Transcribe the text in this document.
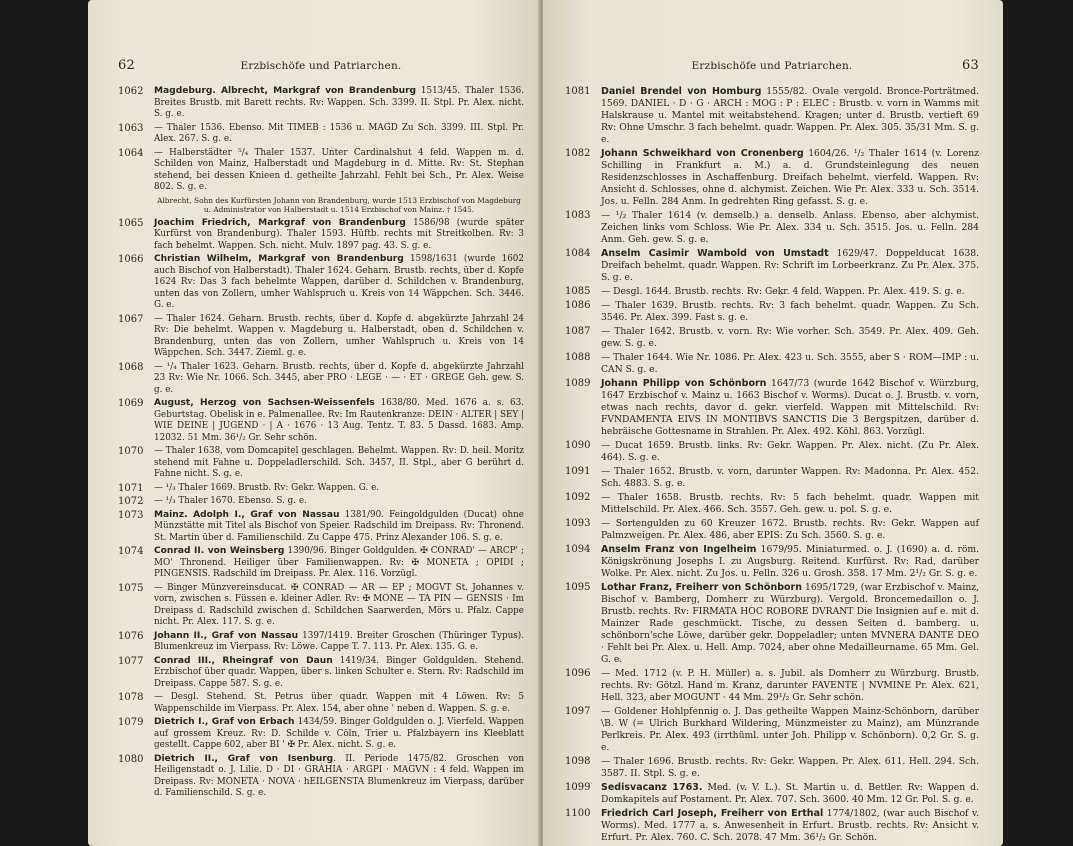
62	Erzbischöfe und Patriarchen.
1062 Magdeburg. Albrecht, Markgraf von Brandenburg 1513/45. Thaler 1536. Breites Brustb. mit Barett rechts. Rv: Wappen. Sch. 3399. II. Stpl. Pr. Alex. nicht. S. g. e.
1063 — Thaler 1536. Ebenso. Mit TIMEB : 1536 u. MAGD Zu Sch. 3399. III. Stpl. Pr. Alex. 267. S. g. e.
1064 — Halberstädter ⁵/₄ Thaler 1537. Unter Cardinalshut 4 feld. Wappen m. d. Schilden von Mainz, Halberstadt und Magdeburg in d. Mitte. Rv: St. Stephan stehend, bei dessen Knieen d. getheilte Jahrzahl. Fehlt bei Sch., Pr. Alex. Weise 802. S. g. e.
Albrecht, Sohn des Kurfürsten Johann von Brandenburg, wurde 1513 Erzbischof von Magdeburg u. Administrator von Halberstadt u. 1514 Erzbischof von Mainz. † 1545.
1065 Joachim Friedrich, Markgraf von Brandenburg 1586/98 (wurde später Kurfürst von Brandenburg). Thaler 1593. Hüftb. rechts mit Streitkolben. Rv: 3 fach behelmt. Wappen. Sch. nicht. Mulv. 1897 pag. 43. S. g. e.
1066 Christian Wilhelm, Markgraf von Brandenburg 1598/1631 (wurde 1602 auch Bischof von Halberstadt). Thaler 1624. Geharn. Brustb. rechts, über d. Kopfe 1624 Rv: Das 3 fach behelmte Wappen, darüber d. Schildchen v. Brandenburg, unten das von Zollern, umher Wahlspruch u. Kreis von 14 Wäppchen. Sch. 3446. G. e.
1067 — Thaler 1624. Geharn. Brustb. rechts, über d. Kopfe d. abgekürzte Jahrzahl 24 Rv: Die behelmt. Wappen v. Magdeburg u. Halberstadt, oben d. Schildchen v. Brandenburg, unten das von Zollern, umher Wahlspruch u. Kreis von 14 Wäppchen. Sch. 3447. Zieml. g. e.
1068 — ¹/₄ Thaler 1623. Geharn. Brustb. rechts, über d. Kopfe d. abgekürzte Jahrzahl 23 Rv: Wie Nr. 1066. Sch. 3445, aber PRO · LEGE · — · ET · GREGE Geh. gew. S. g. e.
1069 August, Herzog von Sachsen-Weissenfels 1638/80. Med. 1676 a. s. 63. Geburtstag. Obelisk in e. Palmenallee. Rv: Im Rautenkranze: DEIN · ALTER | SEY | WIE DEINE | JUGEND · | A · 1676 · 13 Aug. Tentz. T. 83. 5 Dassd. 1683. Amp. 12032. 51 Mm. 36¹/₂ Gr. Sehr schön.
1070 — Thaler 1638, vom Domcapitel geschlagen. Behelmt. Wappen. Rv: D. heil. Moritz stehend mit Fahne u. Doppeladlerschild. Sch. 3457, II. Stpl., aber G berührt d. Fahne nicht. S. g. e.
1071 — ¹/₃ Thaler 1669. Brustb. Rv: Gekr. Wappen. G. e.
1072 — ¹/₃ Thaler 1670. Ebenso. S. g. e.
1073 Mainz. Adolph I., Graf von Nassau 1381/90. Feingoldgulden (Ducat) ohne Münzstätte mit Titel als Bischof von Speier. Radschild im Dreipass. Rv: Thronend. St. Martin über d. Familienschild. Zu Cappe 475. Prinz Alexander 106. S. g. e.
1074 Conrad II. von Weinsberg 1390/96. Binger Goldgulden. ✠ CONRAD' — ARCP' ; MO' Thronend. Heiliger über Familienwappen. Rv: ✠ MONETA ; OPIDI ; PINGENSIS. Radschild im Dreipass. Pr. Alex. 116. Vorzügl.
1075 — Binger Münzvereinsducat. ✠ CONRAD — AR — EP ; MOGVT St. Johannes v. vorn, zwischen s. Füssen e. kleiner Adler. Rv: ✠ MONE — TA PIN — GENSIS · Im Dreipass d. Radschild zwischen d. Schildchen Saarwerden, Mörs u. Pfalz. Cappe nicht. Pr. Alex. 117. S. g. e.
1076 Johann II., Graf von Nassau 1397/1419. Breiter Groschen (Thüringer Typus). Blumenkreuz im Vierpass. Rv: Löwe. Cappe T. 7. 113. Pr. Alex. 135. G. e.
1077 Conrad III., Rheingraf von Daun 1419/34. Binger Goldgulden. Stehend. Erzbischof über quadr. Wappen, über s. linken Schulter e. Stern. Rv: Radschild im Dreipass. Cappe 587. S. g. e.
1078 — Desgl. Stehend. St. Petrus über quadr. Wappen mit 4 Löwen. Rv: 5 Wappenschilde im Vierpass. Pr. Alex. 154, aber ohne ' neben d. Wappen. S. g. e.
1079 Dietrich I., Graf von Erbach 1434/59. Binger Goldgulden o. J. Vierfeld. Wappen auf grossem Kreuz. Rv: D. Schilde v. Cöln, Trier u. Pfalzbayern ins Kleeblatt gestellt. Cappe 602, aber BI ' ✠ Pr. Alex. nicht. S. g. e.
1080 Dietrich II., Graf von Isenburg. II. Periode 1475/82. Groschen von Heiligenstadt o. J. Lilie. D · DI · GRAHIA · ARGPI · MAGVN : 4 feld. Wappen im Dreipass. Rv: MONETA · NOVA · hEILGENSTA Blumenkreuz im Vierpass, darüber d. Familienschild. S. g. e.
Erzbischöfe und Patriarchen.	63
1081 Daniel Brendel von Homburg 1555/82. Ovale vergold. Bronce-Porträtmed. 1569. DANIEL · D · G · ARCH : MOG : P : ELEC : Brustb. v. vorn in Wamms mit Halskrause u. Mantel mit weitabstehend. Kragen; unter d. Brustb. vertieft 69 Rv: Ohne Umschr. 3 fach behelmt. quadr. Wappen. Pr. Alex. 305. 35/31 Mm. S. g. e.
1082 Johann Schweikhard von Cronenberg 1604/26. ¹/₂ Thaler 1614 (v. Lorenz Schilling in Frankfurt a. M.) a. d. Grundsteinlegung des neuen Residenzschlosses in Aschaffenburg. Dreifach behelmt. vierfeld. Wappen. Rv: Ansicht d. Schlosses, ohne d. alchymist. Zeichen. Wie Pr. Alex. 333 u. Sch. 3514. Jos. u. Felln. 284 Anm. In gedrehten Ring gefasst. S. g. e.
1083 — ¹/₂ Thaler 1614 (v. demselb.) a. denselb. Anlass. Ebenso, aber alchymist. Zeichen links vom Schloss. Wie Pr. Alex. 334 u. Sch. 3515. Jos. u. Felln. 284 Anm. Geh. gew. S. g. e.
1084 Anselm Casimir Wambold von Umstadt 1629/47. Doppelducat 1638. Dreifach behelmt. quadr. Wappen. Rv: Schrift im Lorbeerkranz. Zu Pr. Alex. 375. S. g. e.
1085 — Desgl. 1644. Brustb. rechts. Rv: Gekr. 4 feld. Wappen. Pr. Alex. 419. S. g. e.
1086 — Thaler 1639. Brustb. rechts. Rv: 3 fach behelmt. quadr. Wappen. Zu Sch. 3546. Pr. Alex. 399. Fast s. g. e.
1087 — Thaler 1642. Brustb. v. vorn. Rv: Wie vorher. Sch. 3549. Pr. Alex. 409. Geh. gew. S. g. e.
1088 — Thaler 1644. Wie Nr. 1086. Pr. Alex. 423 u. Sch. 3555, aber S · ROM—IMP : u. CAN S. g. e.
1089 Johann Philipp von Schönborn 1647/73 (wurde 1642 Bischof v. Würzburg, 1647 Erzbischof v. Mainz u. 1663 Bischof v. Worms). Ducat o. J. Brustb. v. vorn, etwas nach rechts, davor d. gekr. vierfeld. Wappen mit Mittelschild. Rv: FVNDAMENTA EIVS IN MONTIBVS SANCTIS Die 3 Bergspitzen, darüber d. hebräische Gottesname in Strahlen. Pr. Alex. 492. Köhl. 863. Vorzügl.
1090 — Ducat 1659. Brustb. links. Rv: Gekr. Wappen. Pr. Alex. nicht. (Zu Pr. Alex. 464). S. g. e.
1091 — Thaler 1652. Brustb. v. vorn, darunter Wappen. Rv: Madonna. Pr. Alex. 452. Sch. 4883. S. g. e.
1092 — Thaler 1658. Brustb. rechts. Rv: 5 fach behelmt. quadr. Wappen mit Mittelschild. Pr. Alex. 466. Sch. 3557. Geh. gew. u. pol. S. g. e.
1093 — Sortengulden zu 60 Kreuzer 1672. Brustb. rechts. Rv: Gekr. Wappen auf Palmzweigen. Pr. Alex. 486, aber EPIS: Zu Sch. 3560. S. g. e.
1094 Anselm Franz von Ingelheim 1679/95. Miniaturmed. o. J. (1690) a. d. röm. Königskrönung Josephs I. zu Augsburg. Reitend. Kurfürst. Rv: Rad, darüber Wolke. Pr. Alex. nicht. Zu Jos. u. Felln. 326 u. Grosh. 358. 17 Mm. 2¹/₂ Gr. S. g. e.
1095 Lothar Franz, Freiherr von Schönborn 1695/1729, (war Erzbischof v. Mainz, Bischof v. Bamberg, Domherr zu Würzburg). Vergold. Broncemedaillon o. J. Brustb. rechts. Rv: FIRMATA HOC ROBORE DVRANT Die Insignien auf e. mit d. Mainzer Rade geschmückt. Tische, zu dessen Seiten d. bamberg. u. schönborn'sche Löwe, darüber gekr. Doppeladler; unten MVNERA DANTE DEO · Fehlt bei Pr. Alex. u. Hell. Amp. 7024, aber ohne Medailleurname. 65 Mm. Gel. G. e.
1096 — Med. 1712 (v. P. H. Müller) a. s. Jubil. als Domherr zu Würzburg. Brustb. rechts. Rv: Götzl. Hand m. Kranz, darunter FAVENTE | NVMINE Pr. Alex. 621, Hell. 323, aber MOGUNT · 44 Mm. 29¹/₂ Gr. Sehr schön.
1097 — Goldener Hohlpfennig o. J. Das getheilte Wappen Mainz-Schönborn, darüber \B. W (= Ulrich Burkhard Wildering, Münzmeister zu Mainz), am Münzrande Perlkreis. Pr. Alex. 493 (irrthüml. unter Joh. Philipp v. Schönborn). 0,2 Gr. S. g. e.
1098 — Thaler 1696. Brustb. rechts. Rv: Gekr. Wappen. Pr. Alex. 611. Hell. 294. Sch. 3587. II. Stpl. S. g. e.
1099 Sedisvacanz 1763. Med. (v. V. L.). St. Martin u. d. Bettler. Rv: Wappen d. Domkapitels auf Postament. Pr. Alex. 707. Sch. 3600. 40 Mm. 12 Gr. Pol. S. g. e.
1100 Friedrich Carl Joseph, Freiherr von Erthal 1774/1802, (war auch Bischof v. Worms). Med. 1777 a. s. Anwesenheit in Erfurt. Brustb. rechts. Rv: Ansicht v. Erfurt. Pr. Alex. 760. C. Sch. 2078. 47 Mm. 36¹/₂ Gr. Schön.
